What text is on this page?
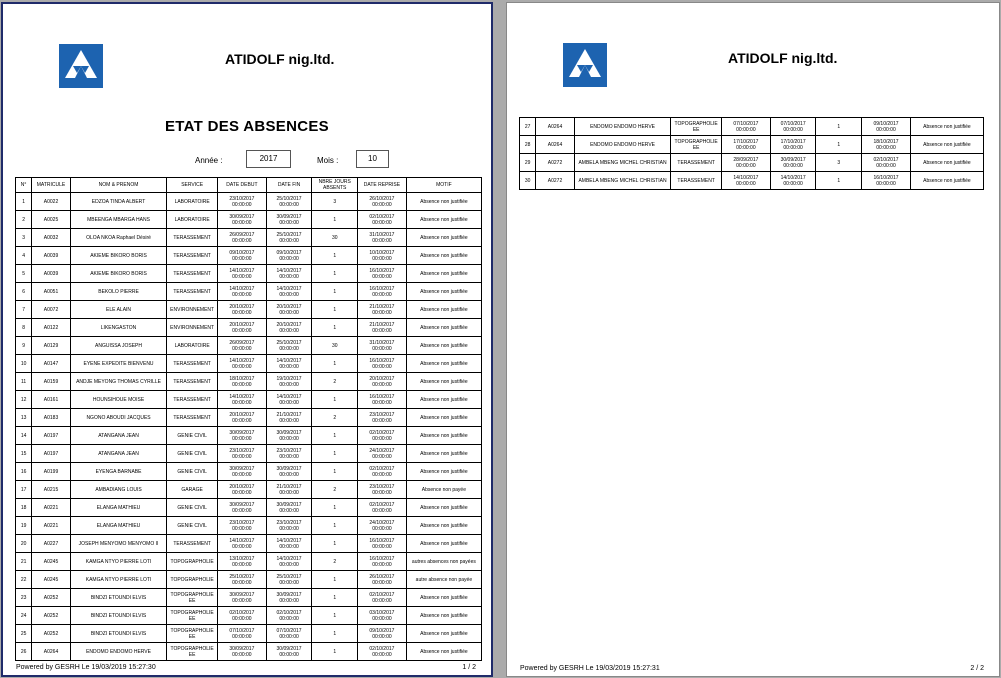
ATIDOLF nig.ltd.
ETAT DES ABSENCES
Année :	2017	Mois :	10
N°	MATRICULE	NOM & PRENOM	SERVICE	DATE DEBUT	DATE FIN	NBRE JOURS ABSENTS	DATE REPRISE	MOTIF
1	A0022	EDZOA TINDA ALBERT	LABORATOIRE	23/10/2017 00:00:00	25/10/2017 00:00:00	3	26/10/2017 00:00:00	Absence non justifiée
2	A0025	MBEENGA MBARGA HANS	LABORATOIRE	30/09/2017 00:00:00	30/09/2017 00:00:00	1	02/10/2017 00:00:00	Absence non justifiée
3	A0032	OLOA NKOA Raphael Désiré	TERASSEMENT	26/09/2017 00:00:00	25/10/2017 00:00:00	30	31/10/2017 00:00:00	Absence non justifiée
4	A0039	AKIEME BIKORO BORIS	TERASSEMENT	09/10/2017 00:00:00	09/10/2017 00:00:00	1	10/10/2017 00:00:00	Absence non justifiée
5	A0039	AKIEME BIKORO BORIS	TERASSEMENT	14/10/2017 00:00:00	14/10/2017 00:00:00	1	16/10/2017 00:00:00	Absence non justifiée
6	A0051	BEKOLO PIERRE	TERASSEMENT	14/10/2017 00:00:00	14/10/2017 00:00:00	1	16/10/2017 00:00:00	Absence non justifiée
7	A0072	ELE ALAIN	ENVIRONNEMENT	20/10/2017 00:00:00	20/10/2017 00:00:00	1	21/10/2017 00:00:00	Absence non justifiée
8	A0122	LIKENGASTON	ENVIRONNEMENT	20/10/2017 00:00:00	20/10/2017 00:00:00	1	21/10/2017 00:00:00	Absence non justifiée
9	A0129	ANGUISSA JOSEPH	LABORATOIRE	26/09/2017 00:00:00	25/10/2017 00:00:00	30	31/10/2017 00:00:00	Absence non justifiée
10	A0147	EYENE EXPEDITE BIENVENU	TERASSEMENT	14/10/2017 00:00:00	14/10/2017 00:00:00	1	16/10/2017 00:00:00	Absence non justifiée
11	A0159	ANDJE MEYONG THOMAS CYRILLE	TERASSEMENT	18/10/2017 00:00:00	19/10/2017 00:00:00	2	20/10/2017 00:00:00	Absence non justifiée
12	A0161	HOUNSIHOUE MOISE	TERASSEMENT	14/10/2017 00:00:00	14/10/2017 00:00:00	1	16/10/2017 00:00:00	Absence non justifiée
13	A0183	NGONO ABOUDI JACQUES	TERASSEMENT	20/10/2017 00:00:00	21/10/2017 00:00:00	2	23/10/2017 00:00:00	Absence non justifiée
14	A0197	ATANGANA JEAN	GENIE CIVIL	30/09/2017 00:00:00	30/09/2017 00:00:00	1	02/10/2017 00:00:00	Absence non justifiée
15	A0197	ATANGANA JEAN	GENIE CIVIL	23/10/2017 00:00:00	23/10/2017 00:00:00	1	24/10/2017 00:00:00	Absence non justifiée
16	A0199	EYENGA BARNABE	GENIE CIVIL	30/09/2017 00:00:00	30/09/2017 00:00:00	1	02/10/2017 00:00:00	Absence non justifiée
17	A0215	AMBADIANG LOUIS	GARAGE	20/10/2017 00:00:00	21/10/2017 00:00:00	2	23/10/2017 00:00:00	Absence non payée
18	A0221	ELANGA MATHIEU	GENIE CIVIL	30/09/2017 00:00:00	30/09/2017 00:00:00	1	02/10/2017 00:00:00	Absence non justifiée
19	A0221	ELANGA MATHIEU	GENIE CIVIL	23/10/2017 00:00:00	23/10/2017 00:00:00	1	24/10/2017 00:00:00	Absence non justifiée
20	A0227	JOSEPH MENYOMO MENYOMO II	TERASSEMENT	14/10/2017 00:00:00	14/10/2017 00:00:00	1	16/10/2017 00:00:00	Absence non justifiée
21	A0245	KAMGA NTYO PIERRE LOTI	TOPOGRAPHOLIE	13/10/2017 00:00:00	14/10/2017 00:00:00	2	16/10/2017 00:00:00	autres absences non payées
22	A0245	KAMGA NTYO PIERRE LOTI	TOPOGRAPHOLIE	25/10/2017 00:00:00	25/10/2017 00:00:00	1	26/10/2017 00:00:00	autre absence non payée
23	A0252	BINDZI ETOUNDI ELVIS	TOPOGRAPHOLIE EE	30/09/2017 00:00:00	30/09/2017 00:00:00	1	02/10/2017 00:00:00	Absence non justifiée
24	A0252	BINDZI ETOUNDI ELVIS	TOPOGRAPHOLIE EE	02/10/2017 00:00:00	02/10/2017 00:00:00	1	03/10/2017 00:00:00	Absence non justifiée
25	A0252	BINDZI ETOUNDI ELVIS	TOPOGRAPHOLIE EE	07/10/2017 00:00:00	07/10/2017 00:00:00	1	09/10/2017 00:00:00	Absence non justifiée
26	A0264	ENDOMO ENDOMO HERVE	TOPOGRAPHOLIE EE	30/09/2017 00:00:00	30/09/2017 00:00:00	1	02/10/2017 00:00:00	Absence non justifiée
Powered by GESRH Le 19/03/2019 15:27:30	1 / 2
ATIDOLF nig.ltd.
27	A0264	ENDOMO ENDOMO HERVE	TOPOGRAPHOLIE EE	07/10/2017 00:00:00	07/10/2017 00:00:00	1	09/10/2017 00:00:00	Absence non justifiée
28	A0264	ENDOMO ENDOMO HERVE	TOPOGRAPHOLIE EE	17/10/2017 00:00:00	17/10/2017 00:00:00	1	18/10/2017 00:00:00	Absence non justifiée
29	A0272	AMBELA MBENG MICHEL CHRISTIAN	TERASSEMENT	28/09/2017 00:00:00	30/09/2017 00:00:00	3	02/10/2017 00:00:00	Absence non justifiée
30	A0272	AMBELA MBENG MICHEL CHRISTIAN	TERASSEMENT	14/10/2017 00:00:00	14/10/2017 00:00:00	1	16/10/2017 00:00:00	Absence non justifiée
Powered by GESRH Le 19/03/2019 15:27:31	2 / 2
